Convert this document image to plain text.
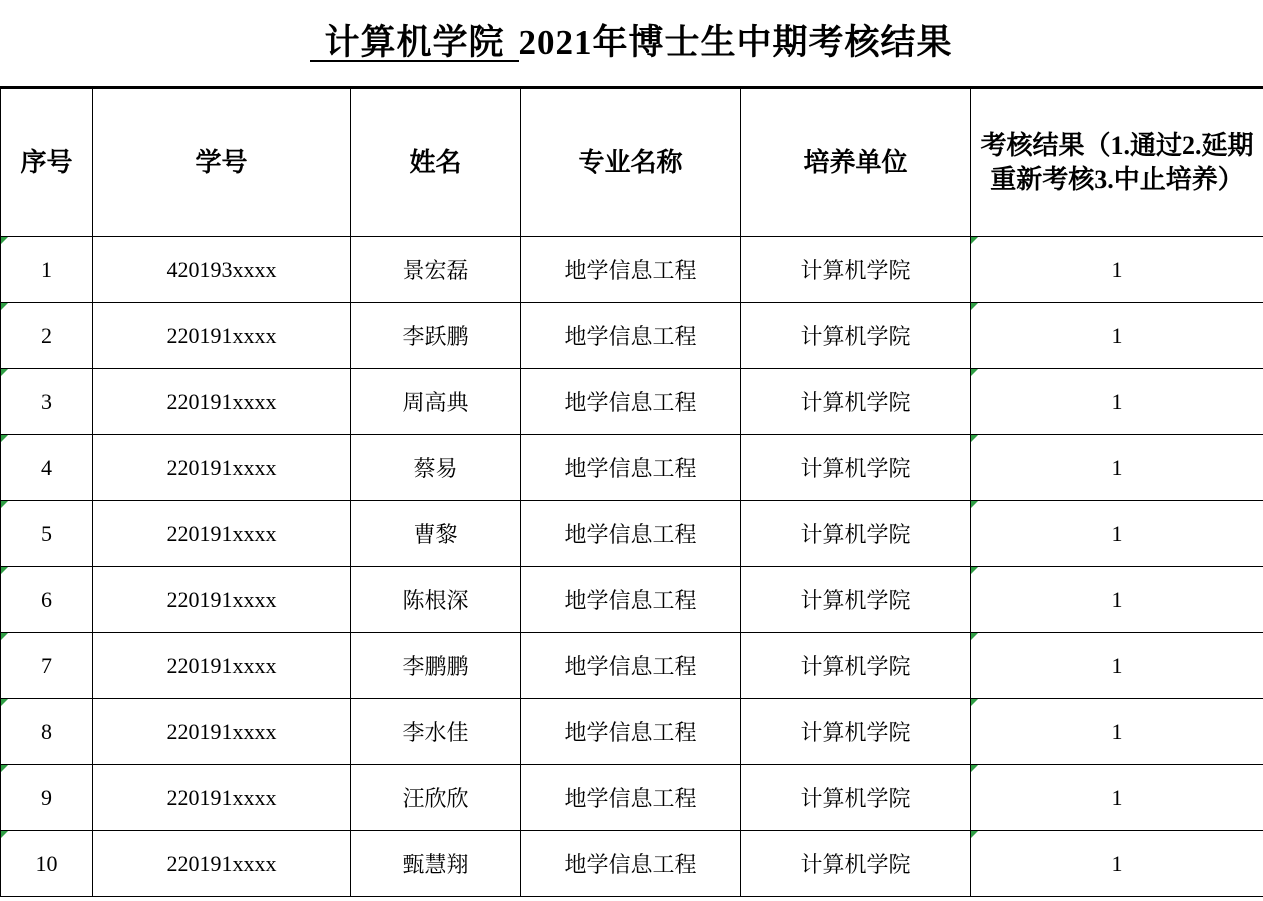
计算机学院 2021年博士生中期考核结果
序号	学号	姓名	专业名称	培养单位	考核结果（1.通过2.延期重新考核3.中止培养）
1	420193xxxx	景宏磊	地学信息工程	计算机学院	1
2	220191xxxx	李跃鹏	地学信息工程	计算机学院	1
3	220191xxxx	周高典	地学信息工程	计算机学院	1
4	220191xxxx	蔡易	地学信息工程	计算机学院	1
5	220191xxxx	曹黎	地学信息工程	计算机学院	1
6	220191xxxx	陈根深	地学信息工程	计算机学院	1
7	220191xxxx	李鹏鹏	地学信息工程	计算机学院	1
8	220191xxxx	李水佳	地学信息工程	计算机学院	1
9	220191xxxx	汪欣欣	地学信息工程	计算机学院	1
10	220191xxxx	甄慧翔	地学信息工程	计算机学院	1
